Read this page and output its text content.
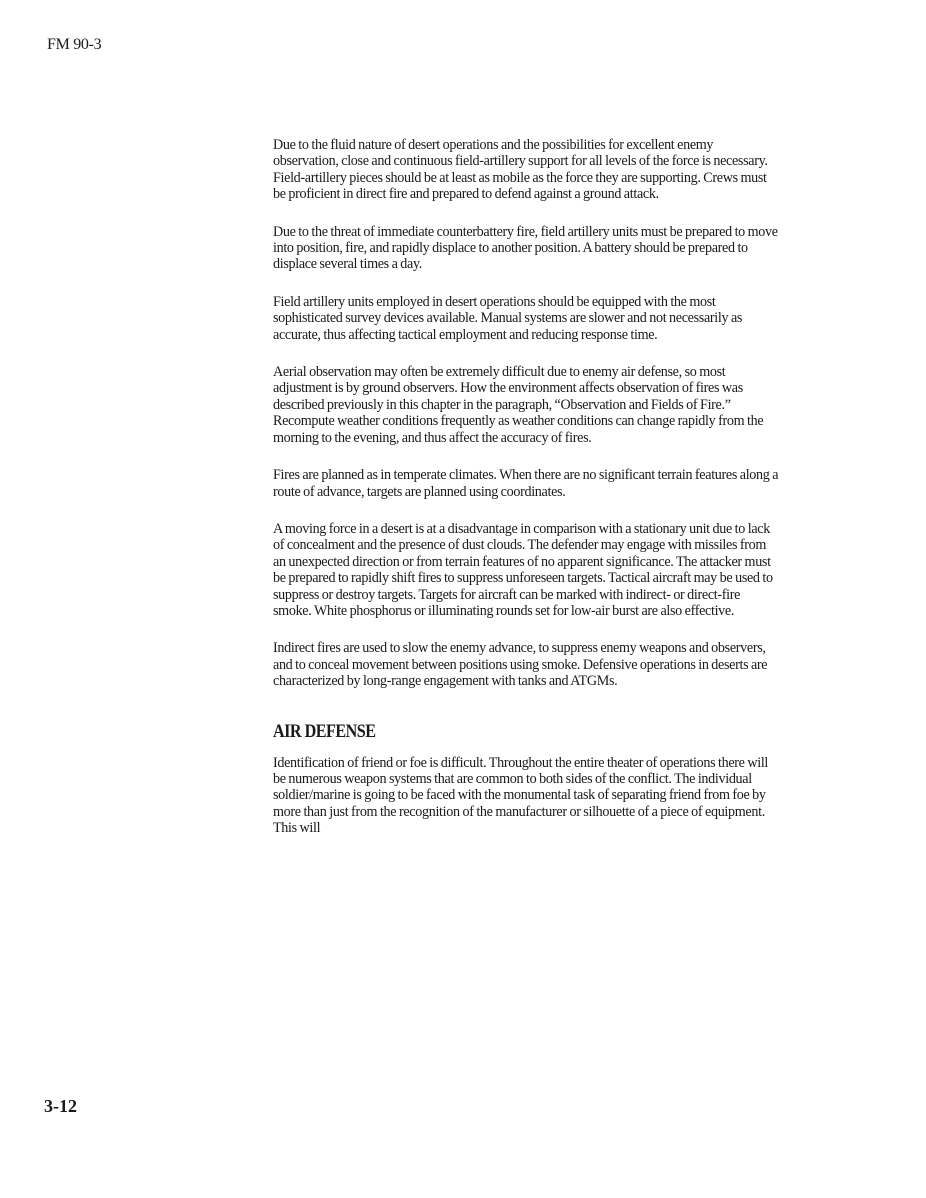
FM 90-3

Due to the fluid nature of desert operations and the possibilities for excellent enemy observation, close and continuous field-artillery support for all levels of the force is necessary. Field-artillery pieces should be at least as mobile as the force they are supporting. Crews must be proficient in direct fire and prepared to defend against a ground attack.

Due to the threat of immediate counterbattery fire, field artillery units must be prepared to move into position, fire, and rapidly displace to another position. A battery should be prepared to displace several times a day.

Field artillery units employed in desert operations should be equipped with the most sophisticated survey devices available. Manual systems are slower and not necessarily as accurate, thus affecting tactical employment and reducing response time.

Aerial observation may often be extremely difficult due to enemy air defense, so most adjustment is by ground observers. How the environment affects observation of fires was described previously in this chapter in the paragraph, “Observation and Fields of Fire.” Recompute weather conditions frequently as weather conditions can change rapidly from the morning to the evening, and thus affect the accuracy of fires.

Fires are planned as in temperate climates. When there are no significant terrain features along a route of advance, targets are planned using coordinates.

A moving force in a desert is at a disadvantage in comparison with a stationary unit due to lack of concealment and the presence of dust clouds. The defender may engage with missiles from an unexpected direction or from terrain features of no apparent significance. The attacker must be prepared to rapidly shift fires to suppress unforeseen targets. Tactical aircraft may be used to suppress or destroy targets. Targets for aircraft can be marked with indirect- or direct-fire smoke. White phosphorus or illuminating rounds set for low-air burst are also effective.

Indirect fires are used to slow the enemy advance, to suppress enemy weapons and observers, and to conceal movement between positions using smoke. Defensive operations in deserts are characterized by long-range engagement with tanks and ATGMs.

AIR DEFENSE

Identification of friend or foe is difficult. Throughout the entire theater of operations there will be numerous weapon systems that are common to both sides of the conflict. The individual soldier/marine is going to be faced with the monumental task of separating friend from foe by more than just from the recognition of the manufacturer or silhouette of a piece of equipment. This will

3-12
